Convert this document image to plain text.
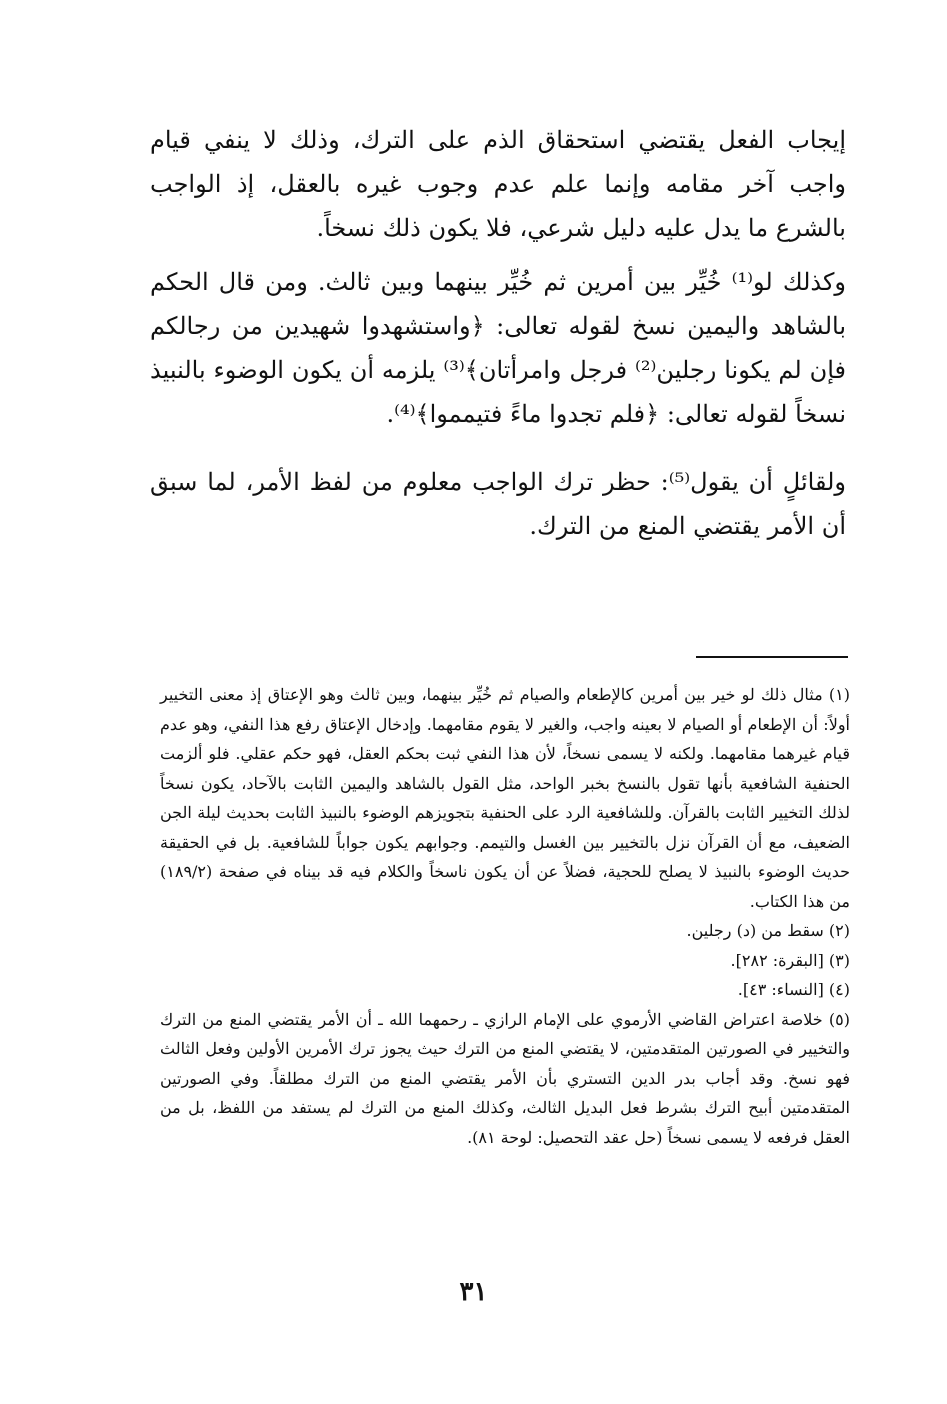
إيجاب الفعل يقتضي استحقاق الذم على الترك، وذلك لا ينفي قيام واجب آخر مقامه وإنما علم عدم وجوب غيره بالعقل، إذ الواجب بالشرع ما يدل عليه دليل شرعي، فلا يكون ذلك نسخاً.

وكذلك لو⁽¹⁾ خُيِّر بين أمرين ثم خُيِّر بينهما وبين ثالث. ومن قال الحكم بالشاهد واليمين نسخ لقوله تعالى: ﴿واستشهدوا شهيدين من رجالكم فإن لم يكونا رجلين⁽²⁾ فرجل وامرأتان﴾⁽³⁾ يلزمه أن يكون الوضوء بالنبيذ نسخاً لقوله تعالى: ﴿فلم تجدوا ماءً فتيمموا﴾⁽⁴⁾.

ولقائلٍ أن يقول⁽⁵⁾: حظر ترك الواجب معلوم من لفظ الأمر، لما سبق أن الأمر يقتضي المنع من الترك.

(١) مثال ذلك لو خير بين أمرين كالإطعام والصيام ثم خُيِّر بينهما، وبين ثالث وهو الإعتاق إذ معنى التخيير أولاً: أن الإطعام أو الصيام لا بعينه واجب، والغير لا يقوم مقامهما. وإدخال الإعتاق رفع هذا النفي، وهو عدم قيام غيرهما مقامهما. ولكنه لا يسمى نسخاً، لأن هذا النفي ثبت بحكم العقل، فهو حكم عقلي. فلو ألزمت الحنفية الشافعية بأنها تقول بالنسخ بخبر الواحد، مثل القول بالشاهد واليمين الثابت بالآحاد، يكون نسخاً لذلك التخيير الثابت بالقرآن. وللشافعية الرد على الحنفية بتجويزهم الوضوء بالنبيذ الثابت بحديث ليلة الجن الضعيف، مع أن القرآن نزل بالتخيير بين الغسل والتيمم. وجوابهم يكون جواباً للشافعية. بل في الحقيقة حديث الوضوء بالنبيذ لا يصلح للحجية، فضلاً عن أن يكون ناسخاً والكلام فيه قد بيناه في صفحة (١٨٩/٢) من هذا الكتاب.

(٢) سقط من (د) رجلين.

(٣) [البقرة: ٢٨٢].

(٤) [النساء: ٤٣].

(٥) خلاصة اعتراض القاضي الأرموي على الإمام الرازي ـ رحمهما الله ـ أن الأمر يقتضي المنع من الترك والتخيير في الصورتين المتقدمتين، لا يقتضي المنع من الترك حيث يجوز ترك الأمرين الأولين وفعل الثالث فهو نسخ. وقد أجاب بدر الدين التستري بأن الأمر يقتضي المنع من الترك مطلقاً. وفي الصورتين المتقدمتين أبيح الترك بشرط فعل البديل الثالث، وكذلك المنع من الترك لم يستفد من اللفظ، بل من العقل فرفعه لا يسمى نسخاً (حل عقد التحصيل: لوحة ٨١).

٣١
